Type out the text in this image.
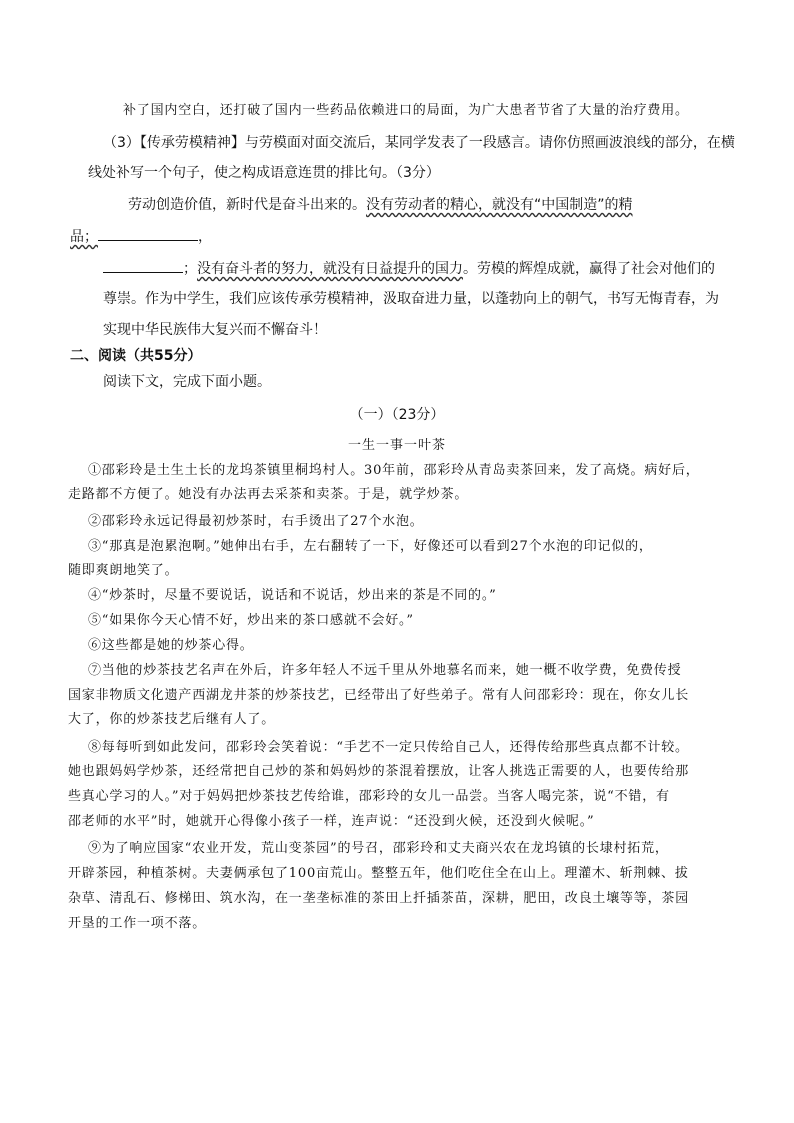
补了国内空白，还打破了国内一些药品依赖进口的局面，为广大患者节省了大量的治疗费用。
（3）【传承劳模精神】与劳模面对面交流后，某同学发表了一段感言。请你仿照画波浪线的部分，在横
线处补写一个句子，使之构成语意连贯的排比句。（3分）
劳动创造价值，新时代是奋斗出来的。没有劳动者的精心，就没有“中国制造”的精
品；	，
；没有奋斗者的努力，就没有日益提升的国力。劳模的辉煌成就，赢得了社会对他们的
尊崇。作为中学生，我们应该传承劳模精神，汲取奋进力量，以蓬勃向上的朝气，书写无悔青春，为
实现中华民族伟大复兴而不懈奋斗！
二、阅读（共55分）
阅读下文，完成下面小题。
（一）（23分）
一生一事一叶茶
①邵彩玲是土生土长的龙坞茶镇里桐坞村人。30年前，邵彩玲从青岛卖茶回来，发了高烧。病好后，
走路都不方便了。她没有办法再去采茶和卖茶。于是，就学炒茶。
②邵彩玲永远记得最初炒茶时，右手烫出了27个水泡。
③“那真是泡累泡啊。”她伸出右手，左右翻转了一下，好像还可以看到27个水泡的印记似的，
随即爽朗地笑了。
④“炒茶时，尽量不要说话，说话和不说话，炒出来的茶是不同的。”
⑤“如果你今天心情不好，炒出来的茶口感就不会好。”
⑥这些都是她的炒茶心得。
⑦当他的炒茶技艺名声在外后，许多年轻人不远千里从外地慕名而来，她一概不收学费，免费传授
国家非物质文化遗产西湖龙井茶的炒茶技艺，已经带出了好些弟子。常有人问邵彩玲：现在，你女儿长
大了，你的炒茶技艺后继有人了。
⑧每每听到如此发问，邵彩玲会笑着说：“手艺不一定只传给自己人，还得传给那些真点都不计较。
她也跟妈妈学炒茶，还经常把自己炒的茶和妈妈炒的茶混着摆放，让客人挑选正需要的人，也要传给那
些真心学习的人。”对于妈妈把炒茶技艺传给谁，邵彩玲的女儿一品尝。当客人喝完茶，说“不错，有
邵老师的水平”时，她就开心得像小孩子一样，连声说：“还没到火候，还没到火候呢。”
⑨为了响应国家“农业开发，荒山变茶园”的号召，邵彩玲和丈夫商兴农在龙坞镇的长埭村拓荒，
开辟茶园，种植茶树。夫妻俩承包了100亩荒山。整整五年，他们吃住全在山上。理灌木、斩荆棘、拔
杂草、清乱石、修梯田、筑水沟，在一垄垄标准的茶田上扦插茶苗，深耕，肥田，改良土壤等等，茶园
开垦的工作一项不落。
